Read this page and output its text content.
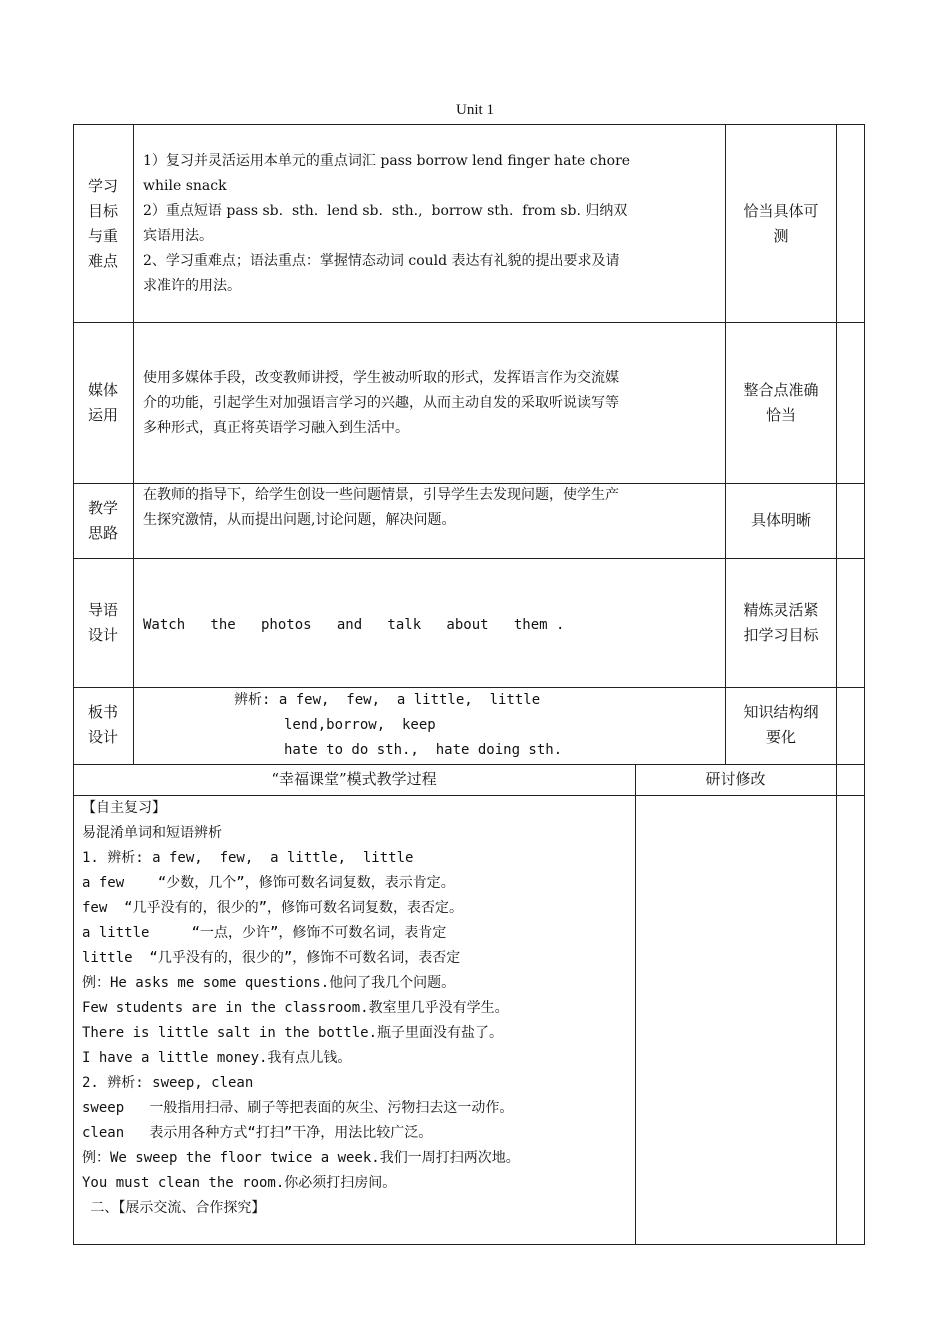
Unit 1
学习
目标
与重
难点
1）复习并灵活运用本单元的重点词汇 pass borrow lend finger hate chore
while snack
2）重点短语 pass sb.  sth.  lend sb.  sth.,  borrow sth.  from sb. 归纳双
宾语用法。
2、学习重难点；语法重点：掌握情态动词 could 表达有礼貌的提出要求及请
求准许的用法。
恰当具体可
测
媒体
运用
使用多媒体手段，改变教师讲授，学生被动听取的形式，发挥语言作为交流媒
介的功能，引起学生对加强语言学习的兴趣，从而主动自发的采取听说读写等
多种形式，真正将英语学习融入到生活中。
整合点准确
恰当
教学
思路
在教师的指导下，给学生创设一些问题情景，引导学生去发现问题，使学生产
生探究激情，从而提出问题,讨论问题，解决问题。	具体明晰
导语
设计
Watch   the   photos   and   talk   about   them .
精炼灵活紧
扣学习目标
板书
设计
辨析: a few,  few,  a little,  little
lend,borrow,  keep
hate to do sth.,  hate doing sth.
知识结构纲
要化
“幸福课堂”模式教学过程	研讨修改
【自主复习】
易混淆单词和短语辨析
1. 辨析: a few,  few,  a little,  little
a few    “少数，几个”，修饰可数名词复数，表示肯定。
few  “几乎没有的，很少的”，修饰可数名词复数，表否定。
a little     “一点，少许”，修饰不可数名词，表肯定
little  “几乎没有的，很少的”，修饰不可数名词，表否定
例：He asks me some questions.他问了我几个问题。
Few students are in the classroom.教室里几乎没有学生。
There is little salt in the bottle.瓶子里面没有盐了。
I have a little money.我有点儿钱。
2. 辨析: sweep, clean
sweep   一般指用扫帚、刷子等把表面的灰尘、污物扫去这一动作。
clean   表示用各种方式“打扫”干净，用法比较广泛。
例：We sweep the floor twice a week.我们一周打扫两次地。
You must clean the room.你必须打扫房间。
二、【展示交流、合作探究】
